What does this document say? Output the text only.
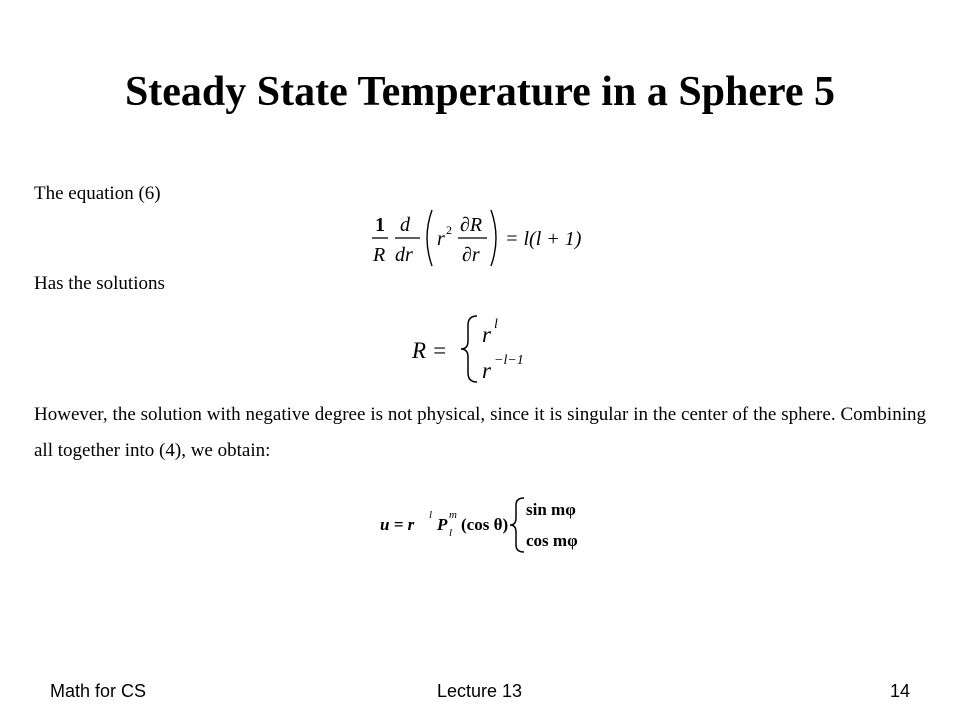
Steady State Temperature in a Sphere 5
The equation (6)
1
R
d
dr
r 2 ∂R
∂r
= l(l + 1)
Has the solutions
R =
r l
r −l−1
However, the solution with negative degree is not physical, since it is singular in the center of the sphere. Combining all together into (4), we obtain:
u = r l P m
l (cos θ)
sin mφ
cos mφ
Math for CS	Lecture 13	14
